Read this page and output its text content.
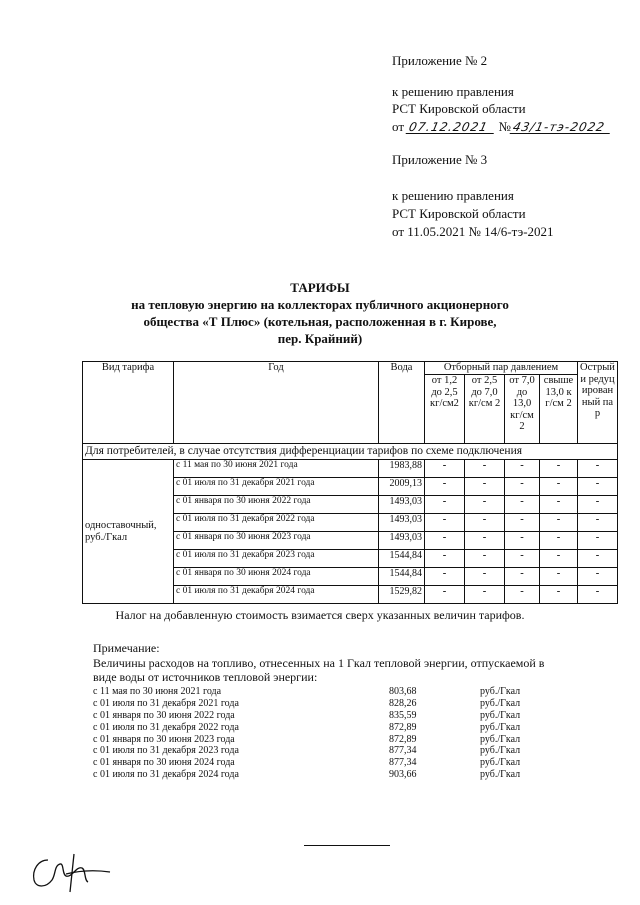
Приложение № 2
к решению правления
РСТ Кировской области
от 07.12.2021 №43/1-тэ-2022
Приложение № 3
к решению правления
РСТ Кировской области
от 11.05.2021 № 14/6-тэ-2021
ТАРИФЫ
на тепловую энергию на коллекторах публичного акционерного
общества «Т Плюс» (котельная, расположенная в г. Кирове,
пер. Крайний)
Вид тарифа	Год	Вода	Отборный пар давлением				Острый и редуцированный пар
			от 1,2 до 2,5 кг/см2	от 2,5 до 7,0 кг/см 2	от 7,0 до 13,0 кг/см 2	свыше 13,0 кг/см 2	
Для потребителей, в случае отсутствия дифференциации тарифов по схеме подключения							
одноставочный, руб./Гкал	с 11 мая по 30 июня 2021 года	1983,88	-	-	-	-	-
	с 01 июля по 31 декабря 2021 года	2009,13	-	-	-	-	-
	с 01 января по 30 июня 2022 года	1493,03	-	-	-	-	-
	с 01 июля по 31 декабря 2022 года	1493,03	-	-	-	-	-
	с 01 января по 30 июня 2023 года	1493,03	-	-	-	-	-
	с 01 июля по 31 декабря 2023 года	1544,84	-	-	-	-	-
	с 01 января по 30 июня 2024 года	1544,84	-	-	-	-	-
	с 01 июля по 31 декабря 2024 года	1529,82	-	-	-	-	-
Налог на добавленную стоимость взимается сверх указанных величин тарифов.
Примечание:
Величины расходов на топливо, отнесенных на 1 Гкал тепловой энергии, отпускаемой в
виде воды от источников тепловой энергии:
с 11 мая по 30 июня 2021 года	803,68	руб./Гкал
с 01 июля по 31 декабря 2021 года	828,26	руб./Гкал
с 01 января по 30 июня 2022 года	835,59	руб./Гкал
с 01 июля по 31 декабря 2022 года	872,89	руб./Гкал
с 01 января по 30 июня 2023 года	872,89	руб./Гкал
с 01 июля по 31 декабря 2023 года	877,34	руб./Гкал
с 01 января по 30 июня 2024 года	877,34	руб./Гкал
с 01 июля по 31 декабря 2024 года	903,66	руб./Гкал
